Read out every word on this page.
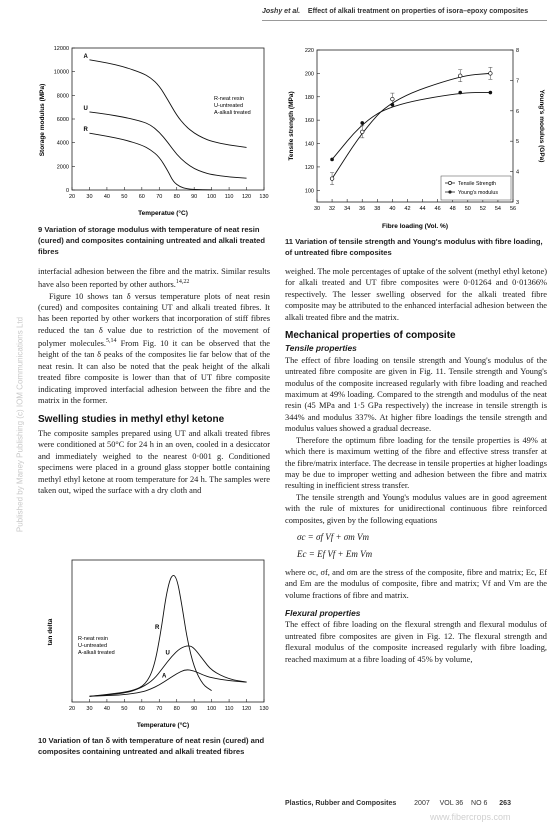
Joshy et al. Effect of alkali treatment on properties of isora–epoxy composites
Published by Maney Publishing (c) IOM Communications Ltd
20 30 40 50 60 70 80 90 100 110 120 130
0
2000
4000
6000
8000
10000
12000
A
U
R
Temperatue (°C)
Storage modulus (MPa)	R-neat resin
U-untreated
A-alkali treated
9 Variation of storage modulus with temperature of neat resin (cured) and composites containing untreated and alkali treated fibres
30 32 34 36 38 40 42 44 46 48 50 52 54 56
100
120
140
160
180
200
220
3
4
5
6
7
8
Fibre loading (Vol. %)
Tensile strength (MPa)	Young's modulus (GPa)
Tensile Strength
Young's modulus
11 Variation of tensile strength and Young's modulus with fibre loading, of untreated fibre composites

interfacial adhesion between the fibre and the matrix. Similar results have also been reported by other authors.$^{14,22}$

Figure 10 shows tan δ versus temperature plots of neat resin (cured) and composites containing UT and alkali treated fibres. It has been reported by other workers that incorporation of stiff fibres reduced the tan δ value due to restriction of the movement of polymer molecules.$^{5,14}$ From Fig. 10 it can be observed that the height of the tan δ peaks of the composites lie far below that of the neat resin. It can also be noted that the peak height of the alkali treated fibre composite is lower than that of UT fibre composite indicating improved interfacial adhesion between the fibre and the matrix in the former.

Swelling studies in methyl ethyl ketone

The composite samples prepared using UT and alkali treated fibres were conditioned at 50°C for 24 h in an oven, cooled in a desiccator and immediately weighed to the nearest 0·001 g. Conditioned specimens were placed in a ground glass stopper bottle containing methyl ethyl ketone at room temperature for 24 h. The samples were taken out, wiped the surface with a dry cloth and

20 30 40 50 60 70 80 90 100 110 120 130
R
U
A
Temperature (°C)
tan delta	R-neat resin
U-untreated
A-alkali treated
10 Variation of tan δ with temperature of neat resin (cured) and composites containing untreated and alkali treated fibres

weighed. The mole percentages of uptake of the solvent (methyl ethyl ketone) for alkali treated and UT fibre composites were 0·01264 and 0·01366% respectively. The lesser swelling observed for the alkali treated fibre composite may be attributed to the enhanced interfacial adhesion between the alkali treated fibre and the matrix.

Mechanical properties of composite
Tensile properties

The effect of fibre loading on tensile strength and Young's modulus of the untreated fibre composite are given in Fig. 11. Tensile strength and Young's modulus of the composite increased regularly with fibre loading and reached maximum at 49% loading. Compared to the strength and modulus of the neat resin (45 MPa and 1·5 GPa respectively) the increase in tensile strength is 344% and modulus 337%. At higher fibre loadings the tensile strength and modulus values showed a gradual decrease.

Therefore the optimum fibre loading for the tensile properties is 49% at which there is maximum wetting of the fibre and effective stress transfer at the fibre/matrix interface. The decrease in tensile properties at higher loadings may be due to improper wetting and adhesion between the fibre and matrix resulting in inefficient stress transfer.

The tensile strength and Young's modulus values are in good agreement with the rule of mixtures for unidirectional continuous fibre reinforced composites, given by the following equations

σc = σf Vf + σm Vm
Ec = Ef Vf + Em Vm

where σc, σf, and σm are the stress of the composite, fibre and matrix; Ec, Ef and Em are the modulus of composite, fibre and matrix; Vf and Vm are the volume fractions of fibre and matrix.

Flexural properties

The effect of fibre loading on the flexural strength and flexural modulus of untreated fibre composites are given in Fig. 12. The flexural strength and flexural modulus of the composite increased regularly with fibre loading, reached maximum at a fibre loading of 45% by volume,

Plastics, Rubber and Composites	2007 VOL 36 NO 6 263
www.fibercrops.com
